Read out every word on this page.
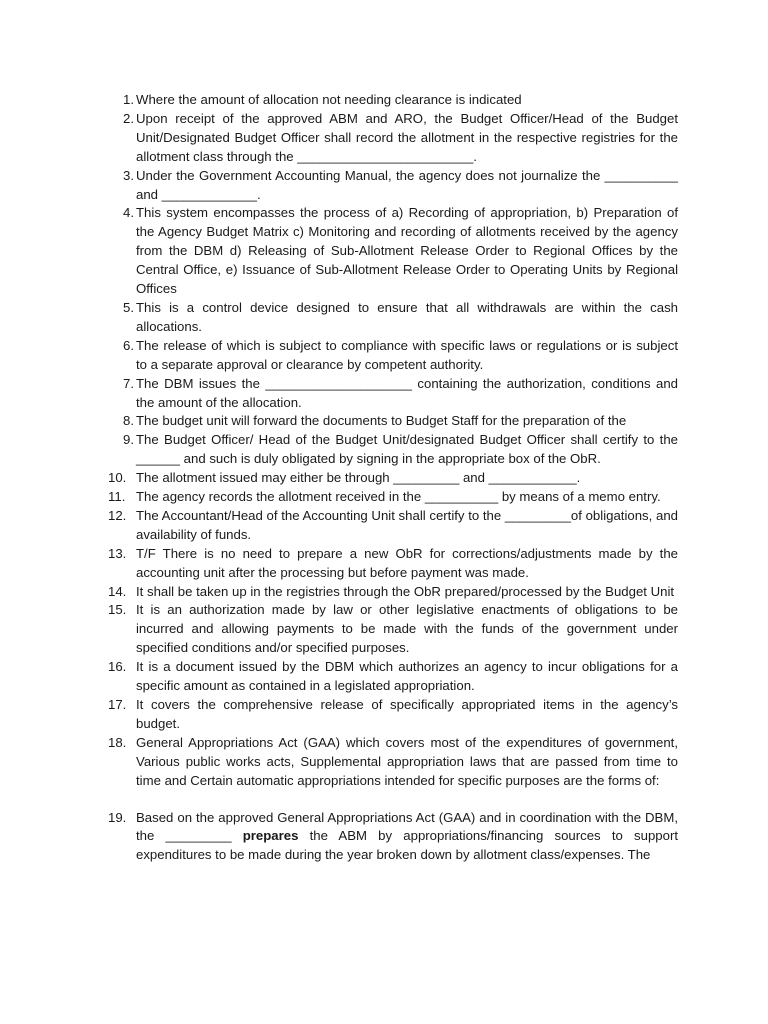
1. Where the amount of allocation not needing clearance is indicated
2. Upon receipt of the approved ABM and ARO, the Budget Officer/Head of the Budget Unit/Designated Budget Officer shall record the allotment in the respective registries for the allotment class through the ________________________.
3. Under the Government Accounting Manual, the agency does not journalize the __________ and _____________.
4. This system encompasses the process of a) Recording of appropriation, b) Preparation of the Agency Budget Matrix c) Monitoring and recording of allotments received by the agency from the DBM d) Releasing of Sub-Allotment Release Order to Regional Offices by the Central Office, e) Issuance of Sub-Allotment Release Order to Operating Units by Regional Offices
5. This is a control device designed to ensure that all withdrawals are within the cash allocations.
6. The release of which is subject to compliance with specific laws or regulations or is subject to a separate approval or clearance by competent authority.
7. The DBM issues the ____________________ containing the authorization, conditions and the amount of the allocation.
8. The budget unit will forward the documents to Budget Staff for the preparation of the
9. The Budget Officer/ Head of the Budget Unit/designated Budget Officer shall certify to the ______ and such is duly obligated by signing in the appropriate box of the ObR.
10. The allotment issued may either be through _________ and ____________.
11. The agency records the allotment received in the __________ by means of a memo entry.
12. The Accountant/Head of the Accounting Unit shall certify to the _________of obligations, and availability of funds.
13. T/F There is no need to prepare a new ObR for corrections/adjustments made by the accounting unit after the processing but before payment was made.
14. It shall be taken up in the registries through the ObR prepared/processed by the Budget Unit
15. It is an authorization made by law or other legislative enactments of obligations to be incurred and allowing payments to be made with the funds of the government under specified conditions and/or specified purposes.
16. It is a document issued by the DBM which authorizes an agency to incur obligations for a specific amount as contained in a legislated appropriation.
17. It covers the comprehensive release of specifically appropriated items in the agency’s budget.
18. General Appropriations Act (GAA) which covers most of the expenditures of government, Various public works acts, Supplemental appropriation laws that are passed from time to time and Certain automatic appropriations intended for specific purposes are the forms of:
19. Based on the approved General Appropriations Act (GAA) and in coordination with the DBM, the _________ prepares the ABM by appropriations/financing sources to support expenditures to be made during the year broken down by allotment class/expenses. The
